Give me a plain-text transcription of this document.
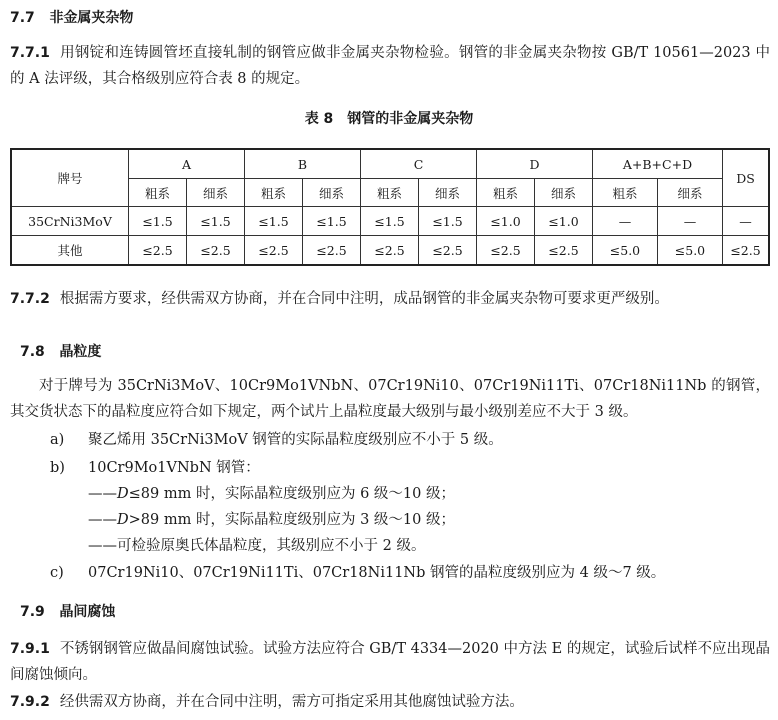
7.7 非金属夹杂物
7.7.1 用钢锭和连铸圆管坯直接轧制的钢管应做非金属夹杂物检验。钢管的非金属夹杂物按 GB/T 10561—2023 中的 A 法评级，其合格级别应符合表 8 的规定。
表 8　钢管的非金属夹杂物
牌号	A		B		C		D		A+B+C+D		DS
	粗系	细系	粗系	细系	粗系	细系	粗系	细系	粗系	细系	
35CrNi3MoV	≤1.5	≤1.5	≤1.5	≤1.5	≤1.5	≤1.5	≤1.0	≤1.0	—	—	—
其他	≤2.5	≤2.5	≤2.5	≤2.5	≤2.5	≤2.5	≤2.5	≤2.5	≤5.0	≤5.0	≤2.5
7.7.2 根据需方要求，经供需双方协商，并在合同中注明，成品钢管的非金属夹杂物可要求更严级别。
7.8 晶粒度
对于牌号为 35CrNi3MoV、10Cr9Mo1VNbN、07Cr19Ni10、07Cr19Ni11Ti、07Cr18Ni11Nb 的钢管，其交货状态下的晶粒度应符合如下规定，两个试片上晶粒度最大级别与最小级别差应不大于 3 级。
a) 聚乙烯用 35CrNi3MoV 钢管的实际晶粒度级别应不小于 5 级。
b) 10Cr9Mo1VNbN 钢管：
——D≤89 mm 时，实际晶粒度级别应为 6 级～10 级；
——D>89 mm 时，实际晶粒度级别应为 3 级～10 级；
——可检验原奥氏体晶粒度，其级别应不小于 2 级。
c) 07Cr19Ni10、07Cr19Ni11Ti、07Cr18Ni11Nb 钢管的晶粒度级别应为 4 级～7 级。
7.9 晶间腐蚀
7.9.1 不锈钢钢管应做晶间腐蚀试验。试验方法应符合 GB/T 4334—2020 中方法 E 的规定，试验后试样不应出现晶间腐蚀倾向。
7.9.2 经供需双方协商，并在合同中注明，需方可指定采用其他腐蚀试验方法。
